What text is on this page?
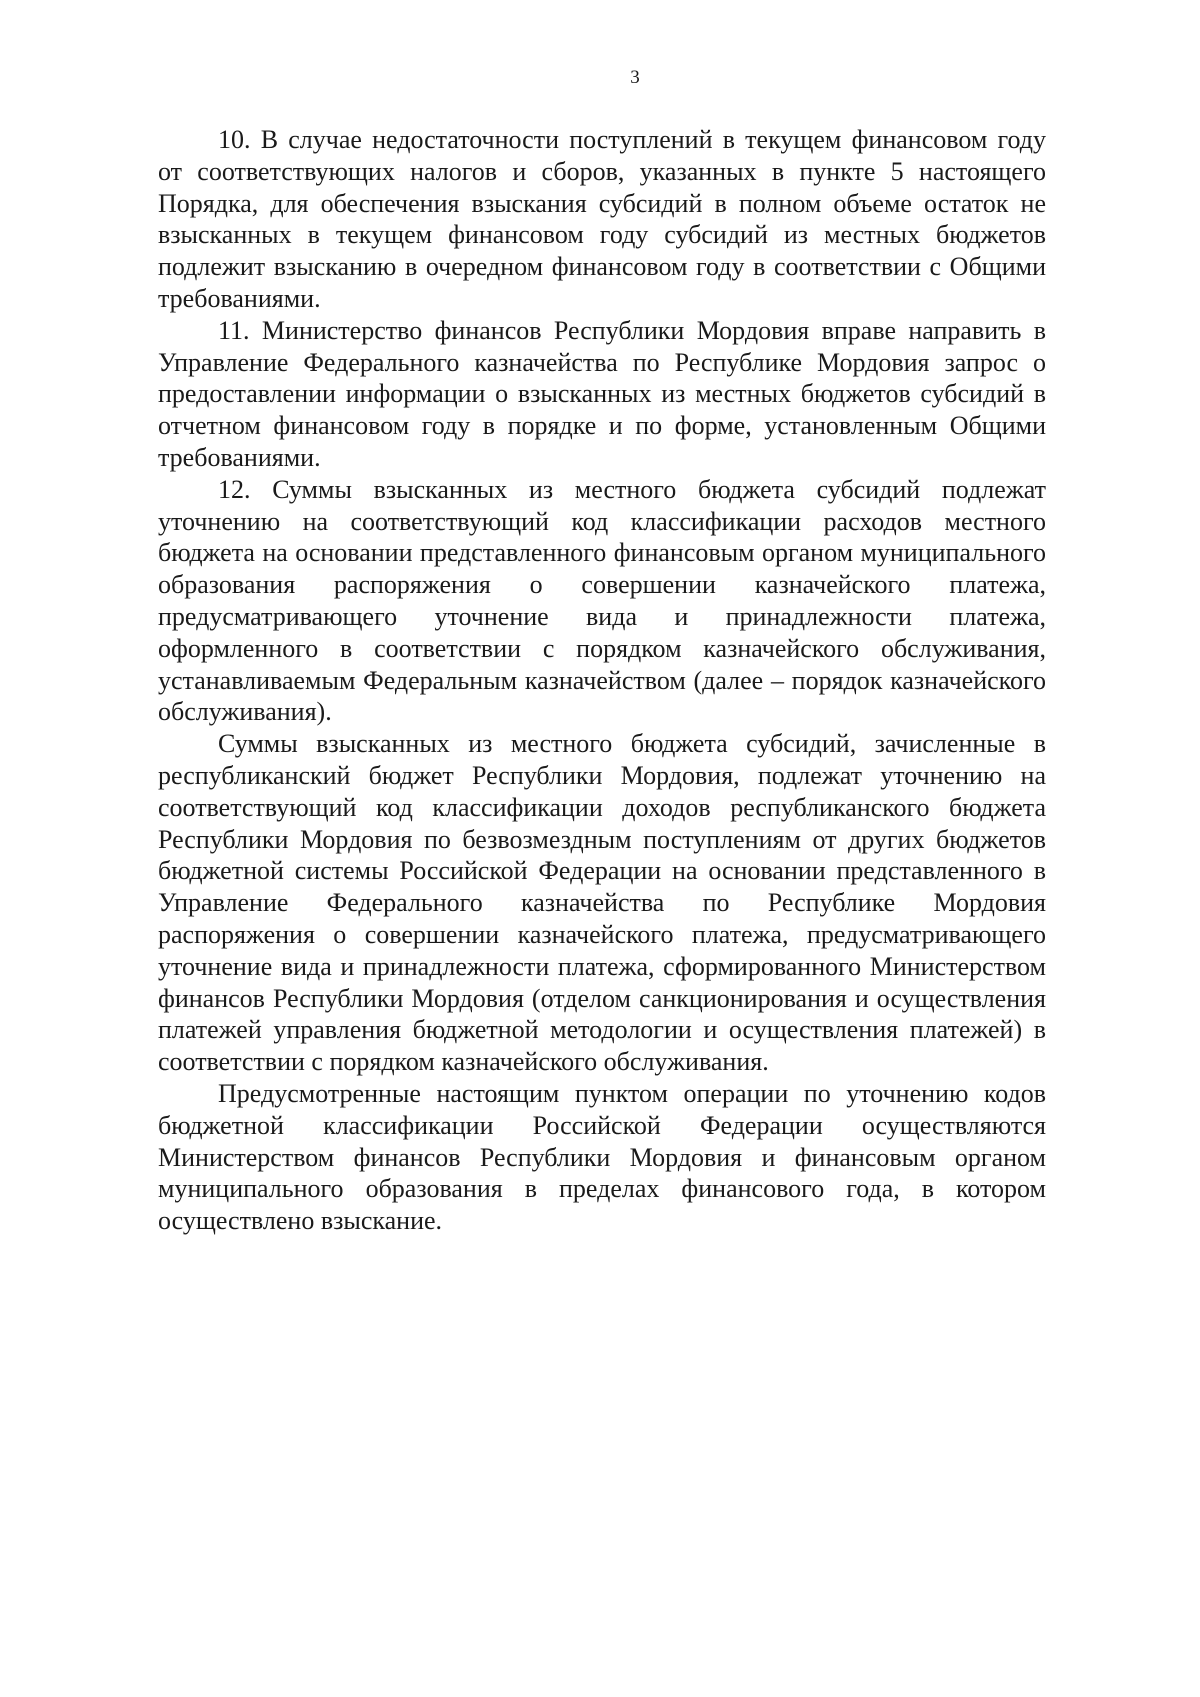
3

10. В случае недостаточности поступлений в текущем финансовом году от соответствующих налогов и сборов, указанных в пункте 5 настоящего Порядка, для обеспечения взыскания субсидий в полном объеме остаток не взысканных в текущем финансовом году субсидий из местных бюджетов подлежит взысканию в очередном финансовом году в соответствии с Общими требованиями.

11. Министерство финансов Республики Мордовия вправе направить в Управление Федерального казначейства по Республике Мордовия запрос о предоставлении информации о взысканных из местных бюджетов субсидий в отчетном финансовом году в порядке и по форме, установленным Общими требованиями.

12. Суммы взысканных из местного бюджета субсидий подлежат уточнению на соответствующий код классификации расходов местного бюджета на основании представленного финансовым органом муниципального образования распоряжения о совершении казначейского платежа, предусматривающего уточнение вида и принадлежности платежа, оформленного в соответствии с порядком казначейского обслуживания, устанавливаемым Федеральным казначейством (далее – порядок казначейского обслуживания).

Суммы взысканных из местного бюджета субсидий, зачисленные в республиканский бюджет Республики Мордовия, подлежат уточнению на соответствующий код классификации доходов республиканского бюджета Республики Мордовия по безвозмездным поступлениям от других бюджетов бюджетной системы Российской Федерации на основании представленного в Управление Федерального казначейства по Республике Мордовия распоряжения о совершении казначейского платежа, предусматривающего уточнение вида и принадлежности платежа, сформированного Министерством финансов Республики Мордовия (отделом санкционирования и осуществления платежей управления бюджетной методологии и осуществления платежей) в соответствии с порядком казначейского обслуживания.

Предусмотренные настоящим пунктом операции по уточнению кодов бюджетной классификации Российской Федерации осуществляются Министерством финансов Республики Мордовия и финансовым органом муниципального образования в пределах финансового года, в котором осуществлено взыскание.
